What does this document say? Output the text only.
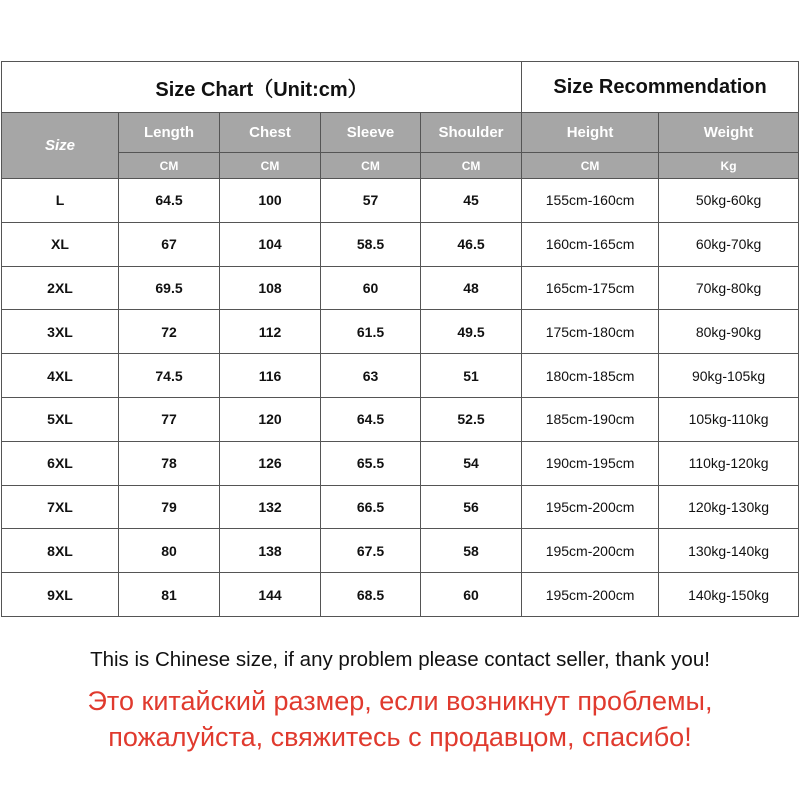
Size Chart（Unit:cm）					Size Recommendation	
Size	Length	Chest	Sleeve	Shoulder	Height	Weight
	CM	CM	CM	CM	CM	Kg
L	64.5	100	57	45	155cm-160cm	50kg-60kg
XL	67	104	58.5	46.5	160cm-165cm	60kg-70kg
2XL	69.5	108	60	48	165cm-175cm	70kg-80kg
3XL	72	112	61.5	49.5	175cm-180cm	80kg-90kg
4XL	74.5	116	63	51	180cm-185cm	90kg-105kg
5XL	77	120	64.5	52.5	185cm-190cm	105kg-110kg
6XL	78	126	65.5	54	190cm-195cm	110kg-120kg
7XL	79	132	66.5	56	195cm-200cm	120kg-130kg
8XL	80	138	67.5	58	195cm-200cm	130kg-140kg
9XL	81	144	68.5	60	195cm-200cm	140kg-150kg
This is Chinese size, if any problem please contact seller, thank you!
Это китайский размер, если возникнут проблемы,
пожалуйста, свяжитесь с продавцом, спасибо!
